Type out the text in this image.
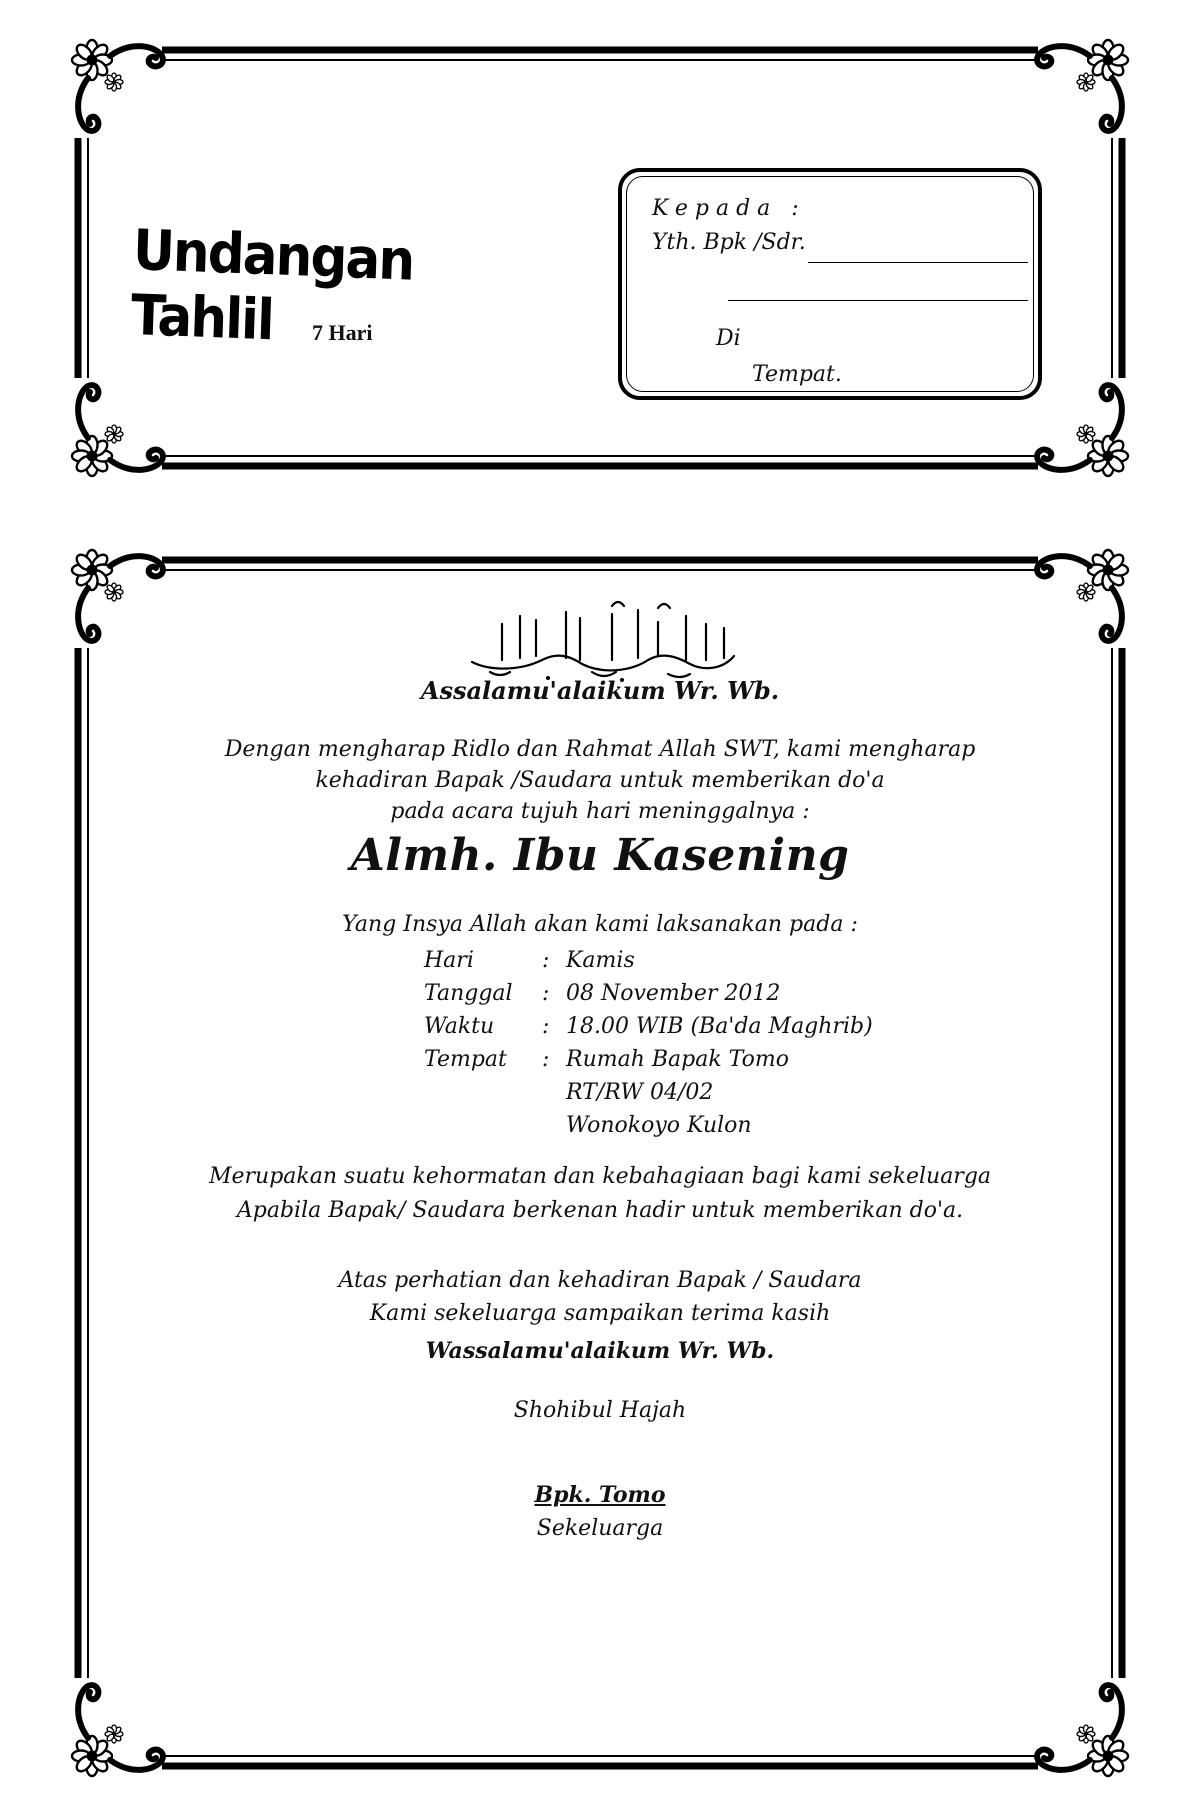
Undangan Tahlil	7 Hari
Kepada :
Yth. Bpk /Sdr.
Di
Tempat.
Assalamu'alaikum Wr. Wb.
Dengan mengharap Ridlo dan Rahmat Allah SWT, kami mengharap
kehadiran Bapak /Saudara untuk memberikan do'a
pada acara tujuh hari meninggalnya :
Almh. Ibu Kasening
Yang Insya Allah akan kami laksanakan pada :
Hari	: Kamis
Tanggal	: 08 November 2012
Waktu	: 18.00 WIB (Ba'da Maghrib)
Tempat	: Rumah Bapak Tomo
RT/RW 04/02
Wonokoyo Kulon
Merupakan suatu kehormatan dan kebahagiaan bagi kami sekeluarga
Apabila Bapak/ Saudara berkenan hadir untuk memberikan do'a.
Atas perhatian dan kehadiran Bapak / Saudara
Kami sekeluarga sampaikan terima kasih
Wassalamu'alaikum Wr. Wb.
Shohibul Hajah
Bpk. Tomo
Sekeluarga
